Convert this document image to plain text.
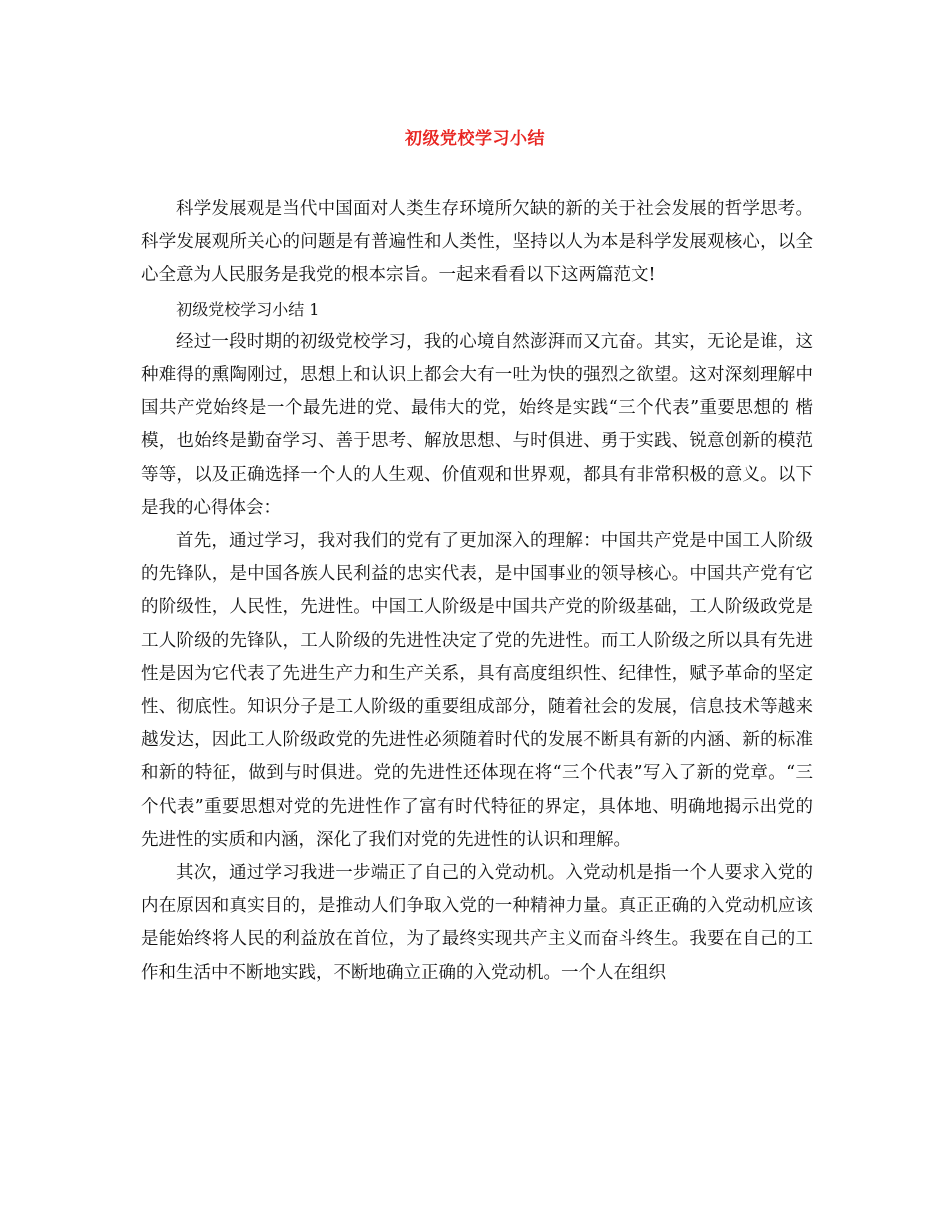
初级党校学习小结

科学发展观是当代中国面对人类生存环境所欠缺的新的关于社会发展的哲学思考。科学发展观所关心的问题是有普遍性和人类性，坚持以人为本是科学发展观核心，以全心全意为人民服务是我党的根本宗旨。一起来看看以下这两篇范文!

初级党校学习小结 1

经过一段时期的初级党校学习，我的心境自然澎湃而又亢奋。其实，无论是谁，这种难得的熏陶刚过，思想上和认识上都会大有一吐为快的强烈之欲望。这对深刻理解中国共产党始终是一个最先进的党、最伟大的党，始终是实践“三个代表”重要思想的 楷模，也始终是勤奋学习、善于思考、解放思想、与时俱进、勇于实践、锐意创新的模范等等，以及正确选择一个人的人生观、价值观和世界观，都具有非常积极的意义。以下是我的心得体会：

首先，通过学习，我对我们的党有了更加深入的理解：中国共产党是中国工人阶级的先锋队，是中国各族人民利益的忠实代表，是中国事业的领导核心。中国共产党有它的阶级性，人民性，先进性。中国工人阶级是中国共产党的阶级基础，工人阶级政党是工人阶级的先锋队，工人阶级的先进性决定了党的先进性。而工人阶级之所以具有先进性是因为它代表了先进生产力和生产关系，具有高度组织性、纪律性，赋予革命的坚定性、彻底性。知识分子是工人阶级的重要组成部分，随着社会的发展，信息技术等越来越发达，因此工人阶级政党的先进性必须随着时代的发展不断具有新的内涵、新的标准和新的特征，做到与时俱进。党的先进性还体现在将“三个代表”写入了新的党章。“三个代表”重要思想对党的先进性作了富有时代特征的界定，具体地、明确地揭示出党的先进性的实质和内涵，深化了我们对党的先进性的认识和理解。

其次，通过学习我进一步端正了自己的入党动机。入党动机是指一个人要求入党的内在原因和真实目的，是推动人们争取入党的一种精神力量。真正正确的入党动机应该是能始终将人民的利益放在首位，为了最终实现共产主义而奋斗终生。我要在自己的工作和生活中不断地实践，不断地确立正确的入党动机。一个人在组织
